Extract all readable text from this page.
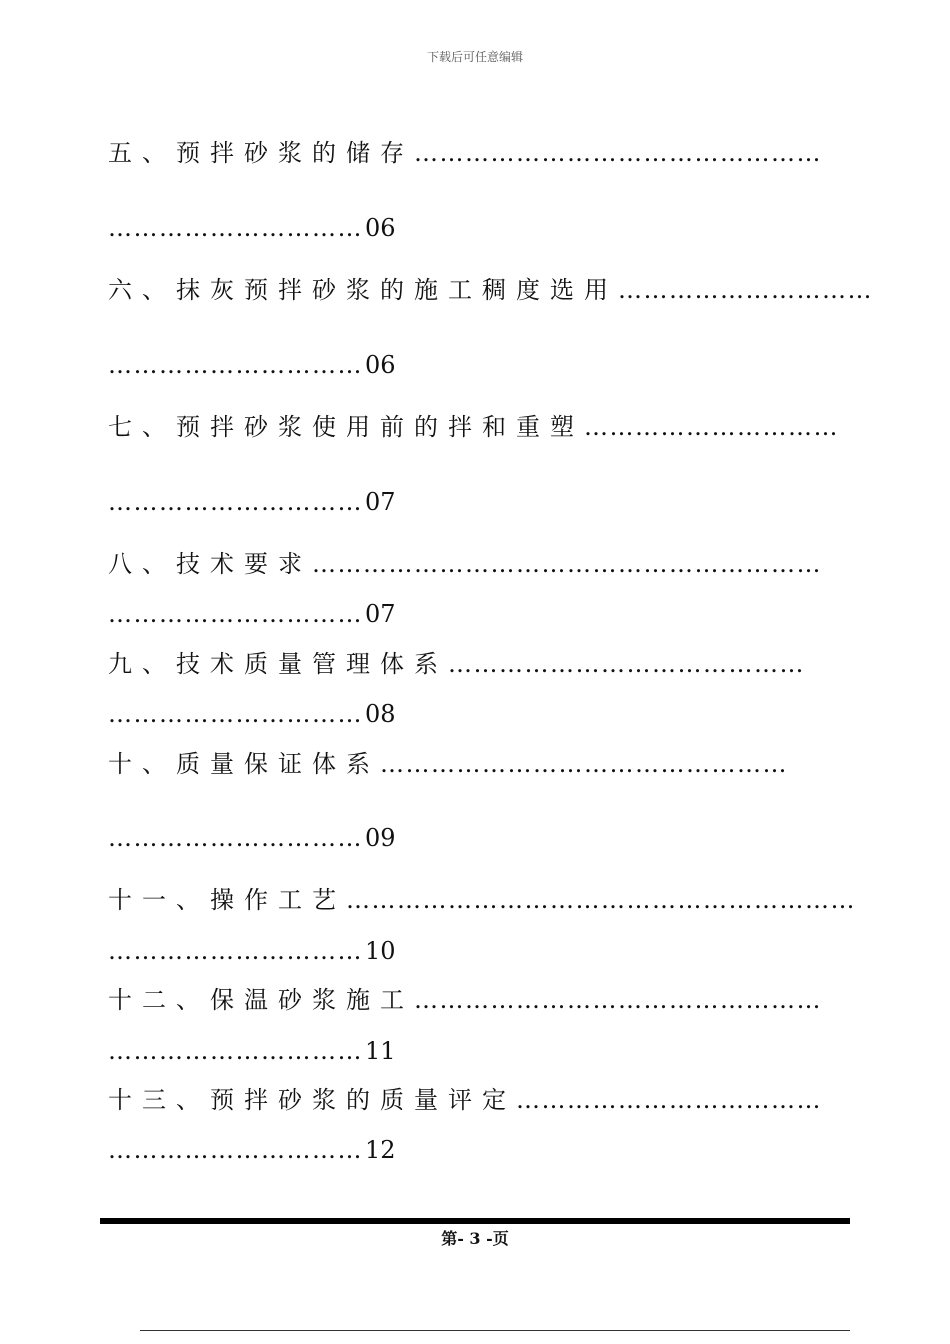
下载后可任意编辑
五、预拌砂浆的储存…………………………………………
…………………………06
六、抹灰预拌砂浆的施工稠度选用…………………………
…………………………06
七、预拌砂浆使用前的拌和重塑…………………………
…………………………07
八、技术要求……………………………………………………
…………………………07
九、技术质量管理体系……………………………………
…………………………08
十、质量保证体系…………………………………………
…………………………09
十一、操作工艺……………………………………………………
…………………………10
十二、保温砂浆施工…………………………………………
…………………………11
十三、预拌砂浆的质量评定………………………………
…………………………12
第- 3 -页
